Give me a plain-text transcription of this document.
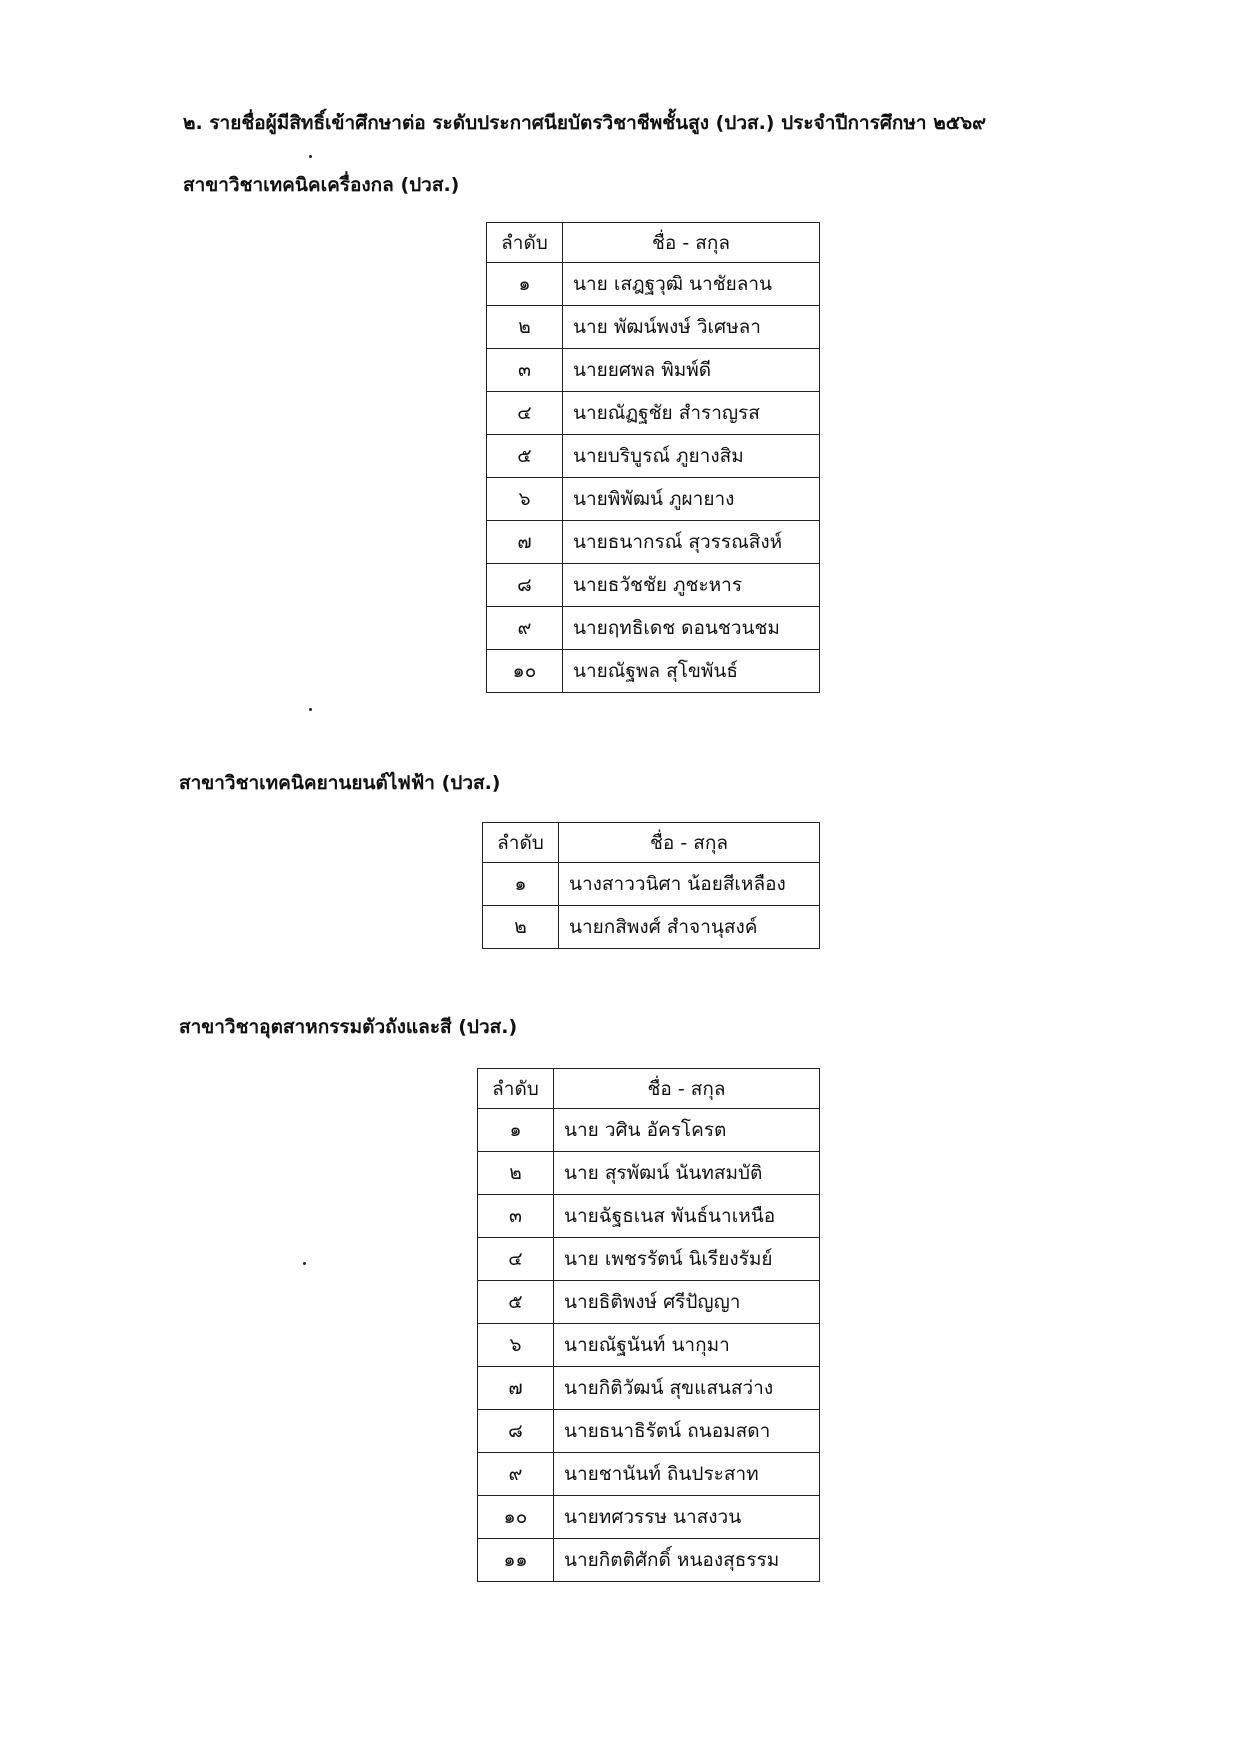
๒. รายชื่อผู้มีสิทธิ์เข้าศึกษาต่อ ระดับประกาศนียบัตรวิชาชีพชั้นสูง (ปวส.) ประจำปีการศึกษา ๒๕๖๙
สาขาวิชาเทคนิคเครื่องกล (ปวส.)
ลำดับ	ชื่อ - สกุล
๑	นาย เสฎฐวุฒิ นาชัยลาน
๒	นาย พัฒน์พงษ์ วิเศษลา
๓	นายยศพล พิมพ์ดี
๔	นายณัฏฐชัย สำราญรส
๕	นายบริบูรณ์ ภูยางสิม
๖	นายพิพัฒน์ ภูผายาง
๗	นายธนากรณ์ สุวรรณสิงห์
๘	นายธวัชชัย ภูชะหาร
๙	นายฤทธิเดช ดอนชวนชม
๑๐	นายณัฐพล สุโขพันธ์
สาขาวิชาเทคนิคยานยนต์ไฟฟ้า (ปวส.)
ลำดับ	ชื่อ - สกุล
๑	นางสาววนิศา น้อยสีเหลือง
๒	นายกสิพงศ์ สำจานุสงค์
สาขาวิชาอุตสาหกรรมตัวถังและสี (ปวส.)
ลำดับ	ชื่อ - สกุล
๑	นาย วศิน อัครโครต
๒	นาย สุรพัฒน์ นันทสมบัติ
๓	นายฉัฐธเนส พันธ์นาเหนือ
๔	นาย เพชรรัตน์ นิเรียงรัมย์
๕	นายธิติพงษ์ ศรีปัญญา
๖	นายณัฐนันท์ นากุมา
๗	นายกิติวัฒน์ สุขแสนสว่าง
๘	นายธนาธิรัตน์ ถนอมสดา
๙	นายชานันท์ ถินประสาท
๑๐	นายทศวรรษ นาสงวน
๑๑	นายกิตติศักดิ์ หนองสุธรรม
